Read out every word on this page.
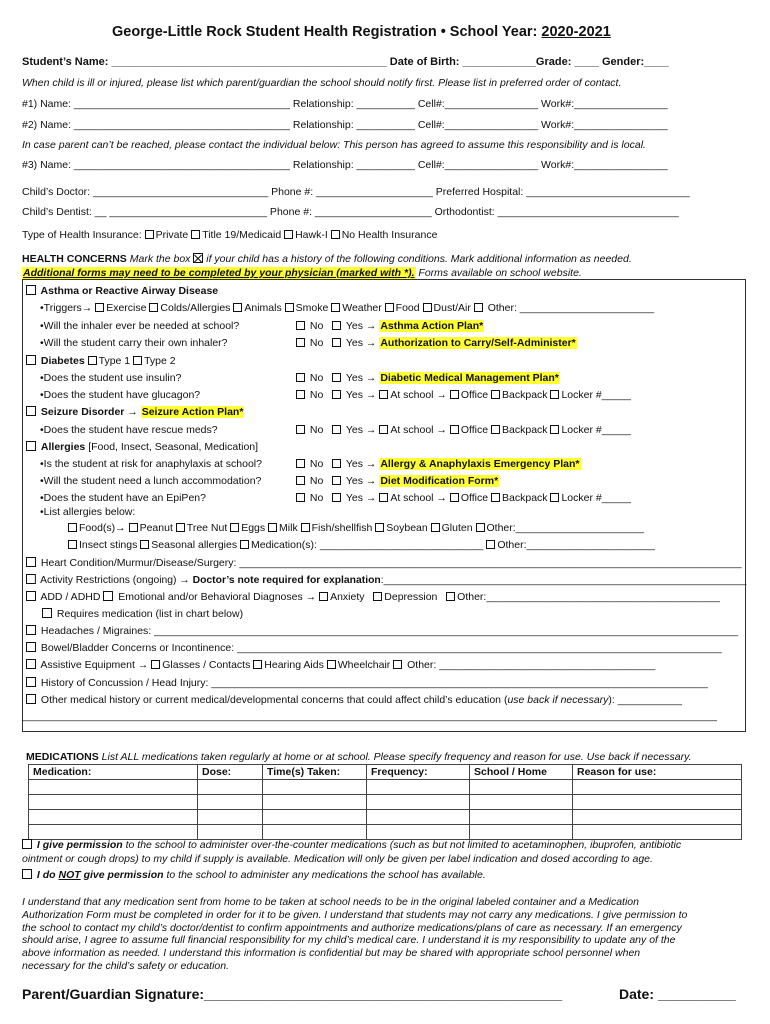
George-Little Rock Student Health Registration • School Year: 2020-2021
Student’s Name: _____________________________________________ Date of Birth: ____________Grade: ____ Gender:____
When child is ill or injured, please list which parent/guardian the school should notify first. Please list in preferred order of contact.
#1) Name: _____________________________________ Relationship: __________ Cell#:________________ Work#:________________
#2) Name: _____________________________________ Relationship: __________ Cell#:________________ Work#:________________
In case parent can’t be reached, please contact the individual below: This person has agreed to assume this responsibility and is local.
#3) Name: _____________________________________ Relationship: __________ Cell#:________________ Work#:________________
Child’s Doctor: ______________________________ Phone #: ____________________ Preferred Hospital: ____________________________
Child’s Dentist: __ ___________________________ Phone #: ____________________ Orthodontist: _______________________________
Type of Health Insurance: Private Title 19/Medicaid Hawk-I No Health Insurance
HEALTH CONCERNS Mark the box  if your child has a history of the following conditions. Mark additional information as needed.
Additional forms may need to be completed by your physician (marked with *). Forms available on school website.
Asthma or Reactive Airway Disease
•Triggers→ Exercise Colds/Allergies Animals Smoke Weather Food Dust/Air  Other: _______________________
•Will the inhaler ever be needed at school?	No Yes → Asthma Action Plan*
•Will the student carry their own inhaler?	No Yes → Authorization to Carry/Self-Administer*
Diabetes Type 1 Type 2
•Does the student use insulin?	No Yes → Diabetic Medical Management Plan*
•Does the student have glucagon?	No Yes → At school → Office Backpack Locker #_____
Seizure Disorder → Seizure Action Plan*
•Does the student have rescue meds?	No Yes → At school → Office Backpack Locker #_____
Allergies [Food, Insect, Seasonal, Medication]
•Is the student at risk for anaphylaxis at school?	No Yes → Allergy & Anaphylaxis Emergency Plan*
•Will the student need a lunch accommodation?	No Yes → Diet Modification Form*
•Does the student have an EpiPen?	No Yes → At school → Office Backpack Locker #_____
•List allergies below:
Food(s)→ Peanut Tree Nut Eggs Milk Fish/shellfish Soybean Gluten Other:______________________
Insect stings Seasonal allergies Medication(s): ____________________________ Other:______________________
Heart Condition/Murmur/Disease/Surgery: ______________________________________________________________________________________
Activity Restrictions (ongoing) → Doctor’s note required for explanation:_______________________________________________________________
ADD / ADHD  Emotional and/or Behavioral Diagnoses → Anxiety Depression Other:________________________________________
Requires medication (list in chart below)
Headaches / Migraines: ____________________________________________________________________________________________________
Bowel/Bladder Concerns or Incontinence: ___________________________________________________________________________________
Assistive Equipment → Glasses / Contacts Hearing Aids Wheelchair  Other: _____________________________________
History of Concussion / Head Injury: _____________________________________________________________________________________
Other medical history or current medical/developmental concerns that could affect child’s education (use back if necessary): ___________
_______________________________________________________________________________________________________________________
MEDICATIONS List ALL medications taken regularly at home or at school. Please specify frequency and reason for use. Use back if necessary.
Medication:	Dose:	Time(s) Taken:	Frequency:	School / Home	Reason for use:

I give permission to the school to administer over-the-counter medications (such as but not limited to acetaminophen, ibuprofen, antibiotic
ointment or cough drops) to my child if supply is available. Medication will only be given per label indication and dosed according to age.
I do NOT give permission to the school to administer any medications the school has available.
I understand that any medication sent from home to be taken at school needs to be in the original labeled container and a Medication
Authorization Form must be completed in order for it to be given. I understand that students may not carry any medications. I give permission to
the school to contact my child’s doctor/dentist to confirm appointments and authorize medications/plans of care as necessary. If an emergency
should arise, I agree to assume full financial responsibility for my child’s medical care. I understand it is my responsibility to update any of the
above information as needed. I understand this information is confidential but may be shared with appropriate school personnel when
necessary for the child’s safety or education.
Parent/Guardian Signature:______________________________________________	Date: __________
